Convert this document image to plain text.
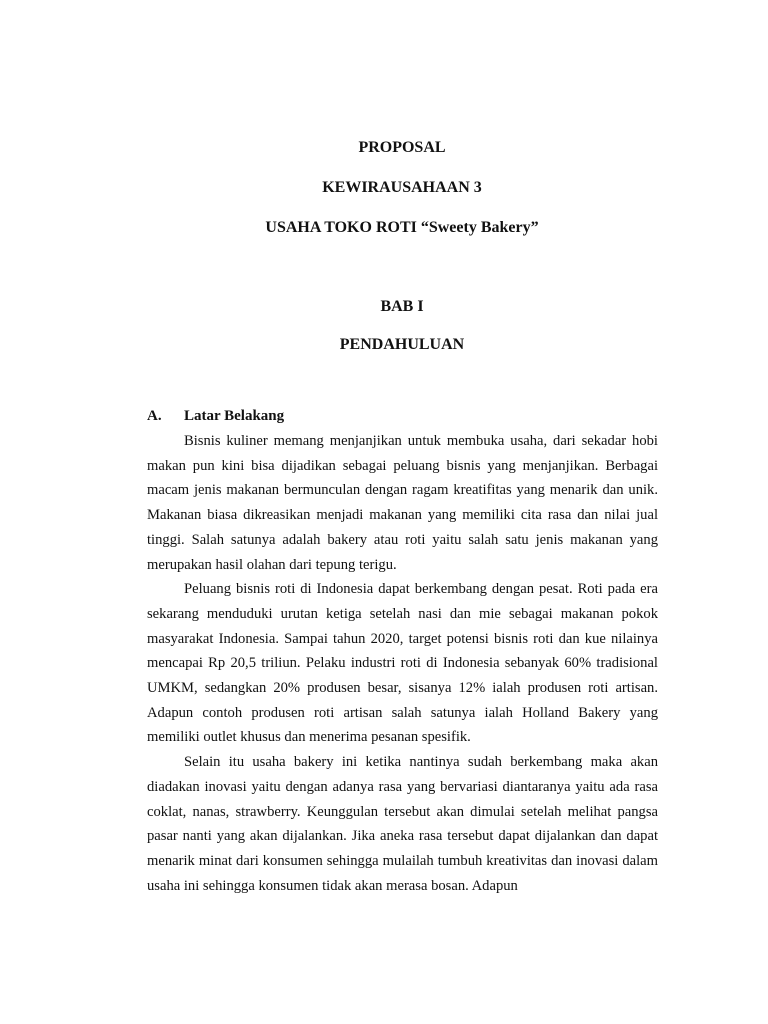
PROPOSAL
KEWIRAUSAHAAN 3
USAHA TOKO ROTI “Sweety Bakery”
BAB I
PENDAHULUAN
A. Latar Belakang

Bisnis kuliner memang menjanjikan untuk membuka usaha, dari sekadar hobi makan pun kini bisa dijadikan sebagai peluang bisnis yang menjanjikan. Berbagai macam jenis makanan bermunculan dengan ragam kreatifitas yang menarik dan unik. Makanan biasa dikreasikan menjadi makanan yang memiliki cita rasa dan nilai jual tinggi. Salah satunya adalah bakery atau roti yaitu salah satu jenis makanan yang merupakan hasil olahan dari tepung terigu.

Peluang bisnis roti di Indonesia dapat berkembang dengan pesat. Roti pada era sekarang menduduki urutan ketiga setelah nasi dan mie sebagai makanan pokok masyarakat Indonesia. Sampai tahun 2020, target potensi bisnis roti dan kue nilainya mencapai Rp 20,5 triliun. Pelaku industri roti di Indonesia sebanyak 60% tradisional UMKM, sedangkan 20% produsen besar, sisanya 12% ialah produsen roti artisan. Adapun contoh produsen roti artisan salah satunya ialah Holland Bakery yang memiliki outlet khusus dan menerima pesanan spesifik.

Selain itu usaha bakery ini ketika nantinya sudah berkembang maka akan diadakan inovasi yaitu dengan adanya rasa yang bervariasi diantaranya yaitu ada rasa coklat, nanas, strawberry. Keunggulan tersebut akan dimulai setelah melihat pangsa pasar nanti yang akan dijalankan. Jika aneka rasa tersebut dapat dijalankan dan dapat menarik minat dari konsumen sehingga mulailah tumbuh kreativitas dan inovasi dalam usaha ini sehingga konsumen tidak akan merasa bosan. Adapun
